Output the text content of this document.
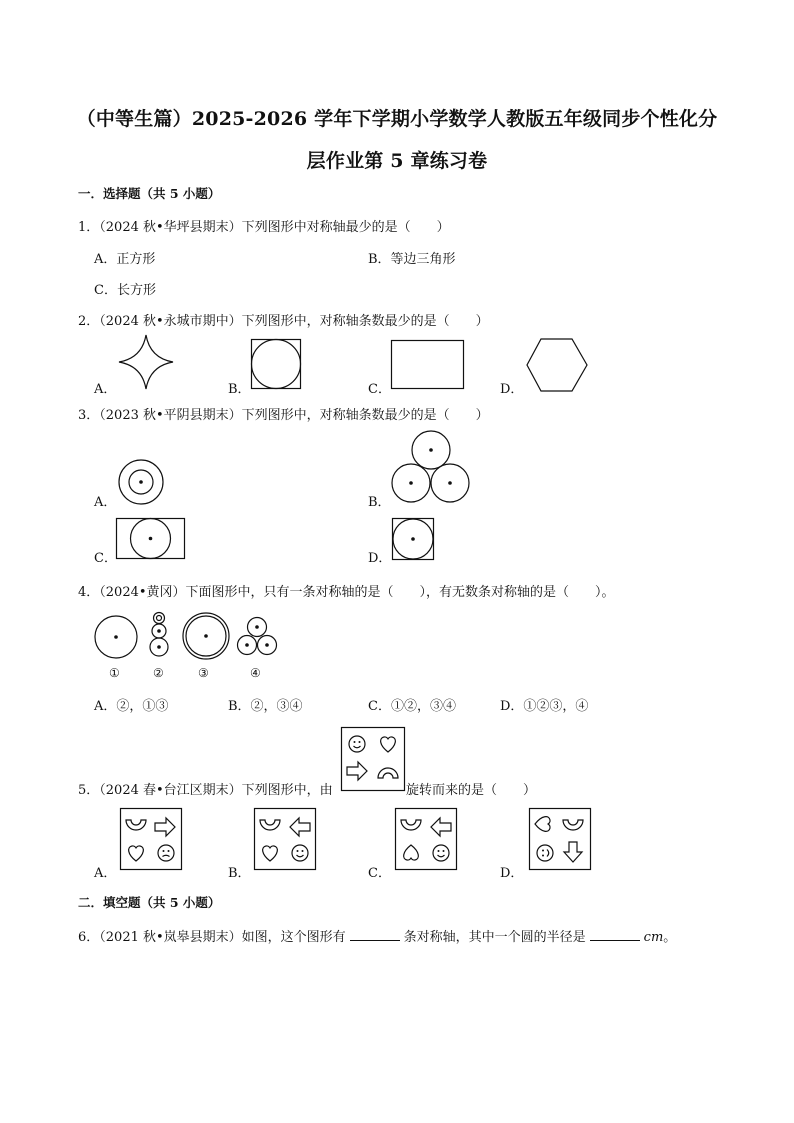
（中等生篇）2025-2026 学年下学期小学数学人教版五年级同步个性化分
层作业第 5 章练习卷
一．选择题（共 5 小题）
1．（2024 秋•华坪县期末）下列图形中对称轴最少的是（　　）
A．正方形	B．等边三角形
C．长方形
2．（2024 秋•永城市期中）下列图形中，对称轴条数最少的是（　　）
A．	B．	C．	D．
3．（2023 秋•平阴县期末）下列图形中，对称轴条数最少的是（　　）
A．	B．
C．	D．
4．（2024•黄冈）下面图形中，只有一条对称轴的是（　　），有无数条对称轴的是（　　）。
①	②	③	④
A．②，①③	B．②，③④	C．①②，③④	D．①②③，④
5．（2024 春•台江区期末）下列图形中，由	旋转而来的是（　　）
A．	B．	C．	D．
二．填空题（共 5 小题）
6．（2021 秋•岚皋县期末）如图，这个图形有	条对称轴，其中一个圆的半径是	cm。
